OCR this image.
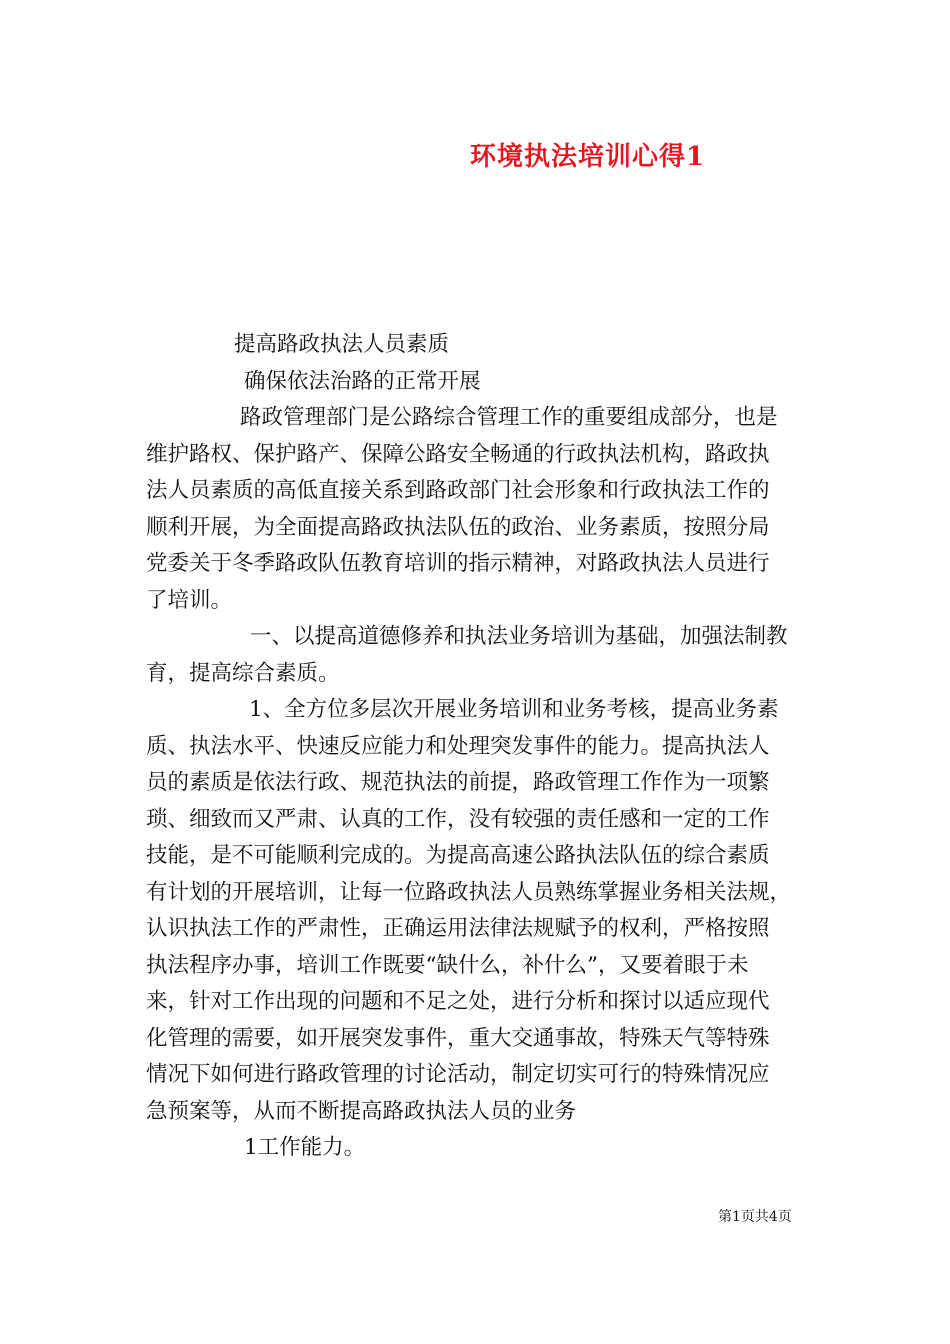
环境执法培训心得1
提高路政执法人员素质
确保依法治路的正常开展
路政管理部门是公路综合管理工作的重要组成部分，也是
维护路权、保护路产、保障公路安全畅通的行政执法机构，路政执
法人员素质的高低直接关系到路政部门社会形象和行政执法工作的
顺利开展，为全面提高路政执法队伍的政治、业务素质，按照分局
党委关于冬季路政队伍教育培训的指示精神，对路政执法人员进行
了培训。
一、以提高道德修养和执法业务培训为基础，加强法制教
育，提高综合素质。
1、全方位多层次开展业务培训和业务考核，提高业务素
质、执法水平、快速反应能力和处理突发事件的能力。提高执法人
员的素质是依法行政、规范执法的前提，路政管理工作作为一项繁
琐、细致而又严肃、认真的工作，没有较强的责任感和一定的工作
技能，是不可能顺利完成的。为提高高速公路执法队伍的综合素质
有计划的开展培训，让每一位路政执法人员熟练掌握业务相关法规，
认识执法工作的严肃性，正确运用法律法规赋予的权利，严格按照
执法程序办事，培训工作既要“缺什么，补什么”，又要着眼于未
来，针对工作出现的问题和不足之处，进行分析和探讨以适应现代
化管理的需要，如开展突发事件，重大交通事故，特殊天气等特殊
情况下如何进行路政管理的讨论活动，制定切实可行的特殊情况应
急预案等，从而不断提高路政执法人员的业务
1工作能力。
第1页共4页
